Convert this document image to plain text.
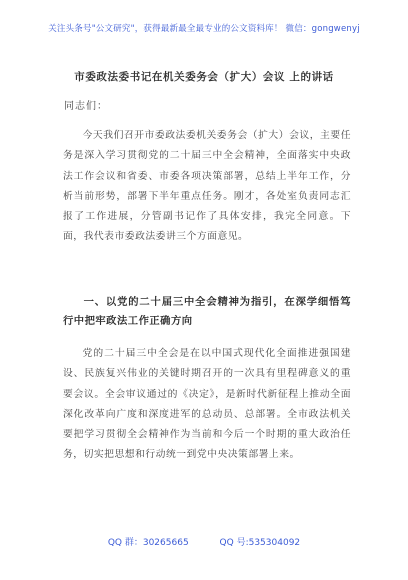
关注头条号"公文研究"，获得最新最全最专业的公文资料库！ 微信：gongwenyj
市委政法委书记在机关委务会（扩大）会议 上的讲话
同志们：
今天我们召开市委政法委机关委务会（扩大）会议，主要任务是深入学习贯彻党的二十届三中全会精神，全面落实中央政法工作会议和省委、市委各项决策部署，总结上半年工作，分析当前形势，部署下半年重点任务。刚才，各处室负责同志汇报了工作进展，分管副书记作了具体安排，我完全同意。下面，我代表市委政法委讲三个方面意见。
一、以党的二十届三中全会精神为指引，在深学细悟笃行中把牢政法工作正确方向
党的二十届三中全会是在以中国式现代化全面推进强国建设、民族复兴伟业的关键时期召开的一次具有里程碑意义的重要会议。全会审议通过的《决定》，是新时代新征程上推动全面深化改革向广度和深度进军的总动员、总部署。全市政法机关要把学习贯彻全会精神作为当前和今后一个时期的重大政治任务，切实把思想和行动统一到党中央决策部署上来。
QQ 群：30265665	QQ 号:535304092
